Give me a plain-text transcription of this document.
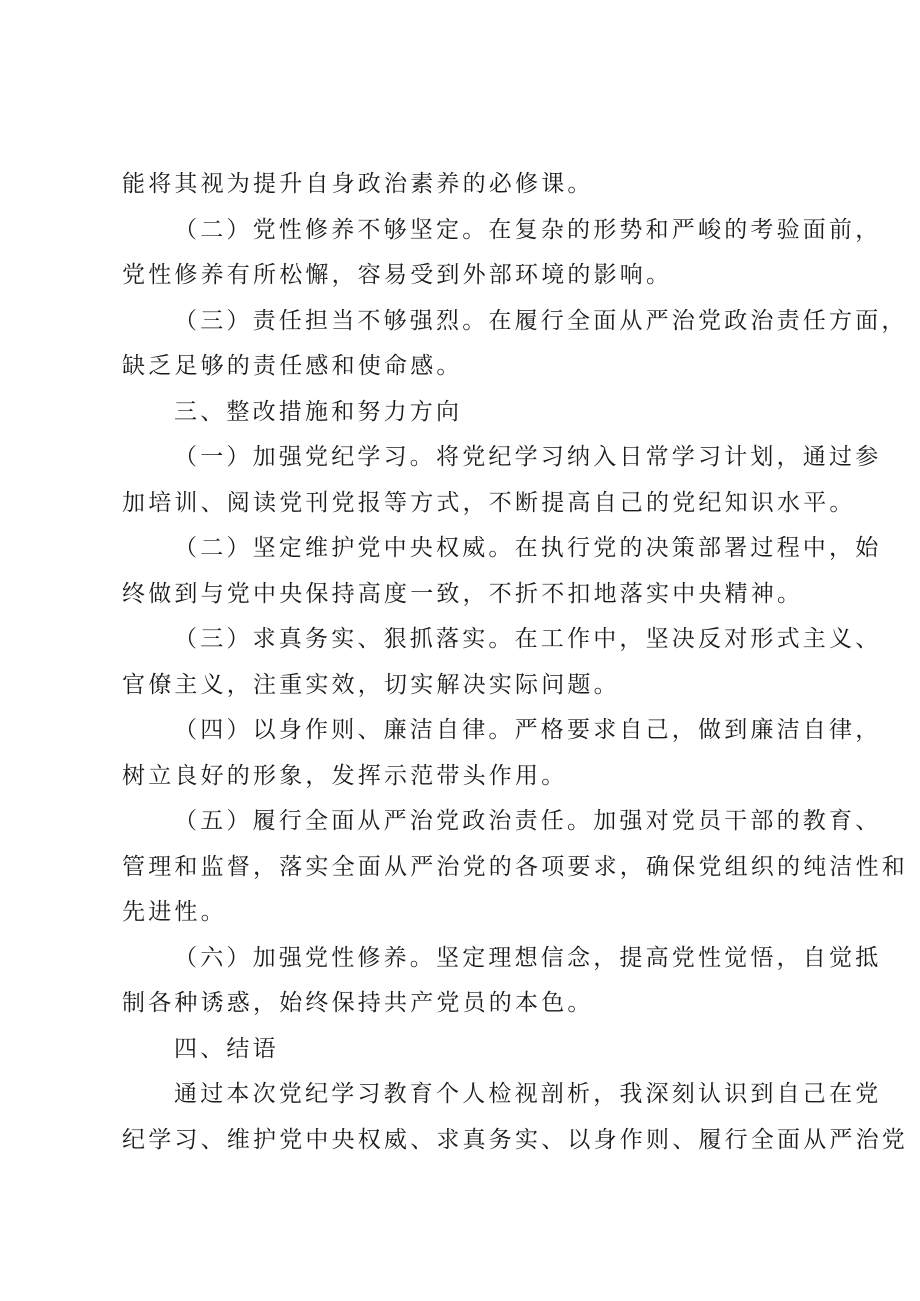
能将其视为提升自身政治素养的必修课。
（二）党性修养不够坚定。在复杂的形势和严峻的考验面前，
党性修养有所松懈，容易受到外部环境的影响。
（三）责任担当不够强烈。在履行全面从严治党政治责任方面，
缺乏足够的责任感和使命感。
三、整改措施和努力方向
（一）加强党纪学习。将党纪学习纳入日常学习计划，通过参
加培训、阅读党刊党报等方式，不断提高自己的党纪知识水平。
（二）坚定维护党中央权威。在执行党的决策部署过程中，始
终做到与党中央保持高度一致，不折不扣地落实中央精神。
（三）求真务实、狠抓落实。在工作中，坚决反对形式主义、
官僚主义，注重实效，切实解决实际问题。
（四）以身作则、廉洁自律。严格要求自己，做到廉洁自律，
树立良好的形象，发挥示范带头作用。
（五）履行全面从严治党政治责任。加强对党员干部的教育、
管理和监督，落实全面从严治党的各项要求，确保党组织的纯洁性和
先进性。
（六）加强党性修养。坚定理想信念，提高党性觉悟，自觉抵
制各种诱惑，始终保持共产党员的本色。
四、结语
通过本次党纪学习教育个人检视剖析，我深刻认识到自己在党
纪学习、维护党中央权威、求真务实、以身作则、履行全面从严治党
